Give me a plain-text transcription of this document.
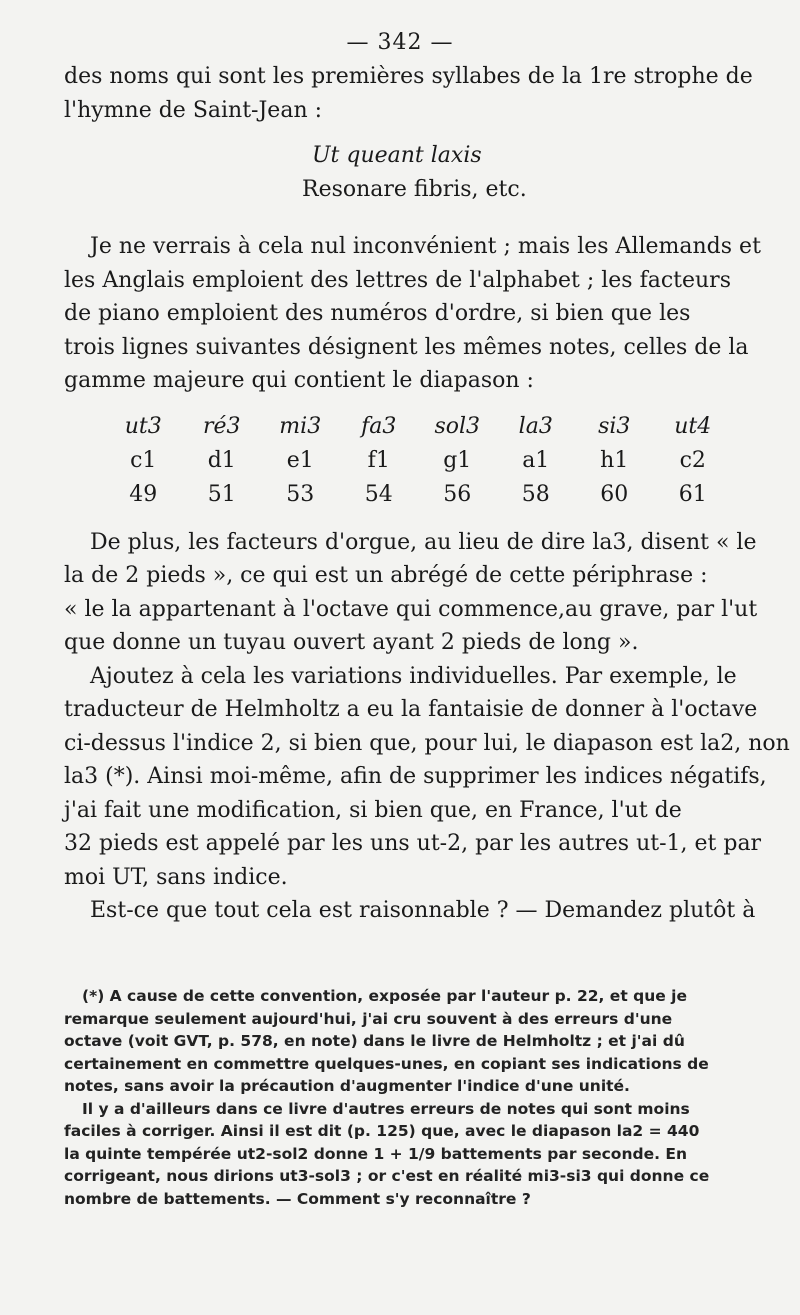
— 342 —
des noms qui sont les premières syllabes de la 1re strophe de
l'hymne de Saint-Jean :
Ut queant laxis
Resonare fibris, etc.
Je ne verrais à cela nul inconvénient ; mais les Allemands et
les Anglais emploient des lettres de l'alphabet ; les facteurs
de piano emploient des numéros d'ordre, si bien que les
trois lignes suivantes désignent les mêmes notes, celles de la
gamme majeure qui contient le diapason :
ut3	ré3	mi3	fa3	sol3	la3	si3	ut4
c1	d1	e1	f1	g1	a1	h1	c2
49	51	53	54	56	58	60	61
De plus, les facteurs d'orgue, au lieu de dire la3, disent « le
la de 2 pieds », ce qui est un abrégé de cette périphrase :
« le la appartenant à l'octave qui commence,au grave, par l'ut
que donne un tuyau ouvert ayant 2 pieds de long ».
Ajoutez à cela les variations individuelles. Par exemple, le
traducteur de Helmholtz a eu la fantaisie de donner à l'octave
ci-dessus l'indice 2, si bien que, pour lui, le diapason est la2, non
la3 (*). Ainsi moi-même, afin de supprimer les indices négatifs,
j'ai fait une modification, si bien que, en France, l'ut de
32 pieds est appelé par les uns ut-2, par les autres ut-1, et par
moi UT, sans indice.
Est-ce que tout cela est raisonnable ? — Demandez plutôt à
(*) A cause de cette convention, exposée par l'auteur p. 22, et que je
remarque seulement aujourd'hui, j'ai cru souvent à des erreurs d'une
octave (voit GVT, p. 578, en note) dans le livre de Helmholtz ; et j'ai dû
certainement en commettre quelques-unes, en copiant ses indications de
notes, sans avoir la précaution d'augmenter l'indice d'une unité.
Il y a d'ailleurs dans ce livre d'autres erreurs de notes qui sont moins
faciles à corriger. Ainsi il est dit (p. 125) que, avec le diapason la2 = 440
la quinte tempérée ut2-sol2 donne 1 + 1/9 battements par seconde. En
corrigeant, nous dirions ut3-sol3 ; or c'est en réalité mi3-si3 qui donne ce
nombre de battements. — Comment s'y reconnaître ?
